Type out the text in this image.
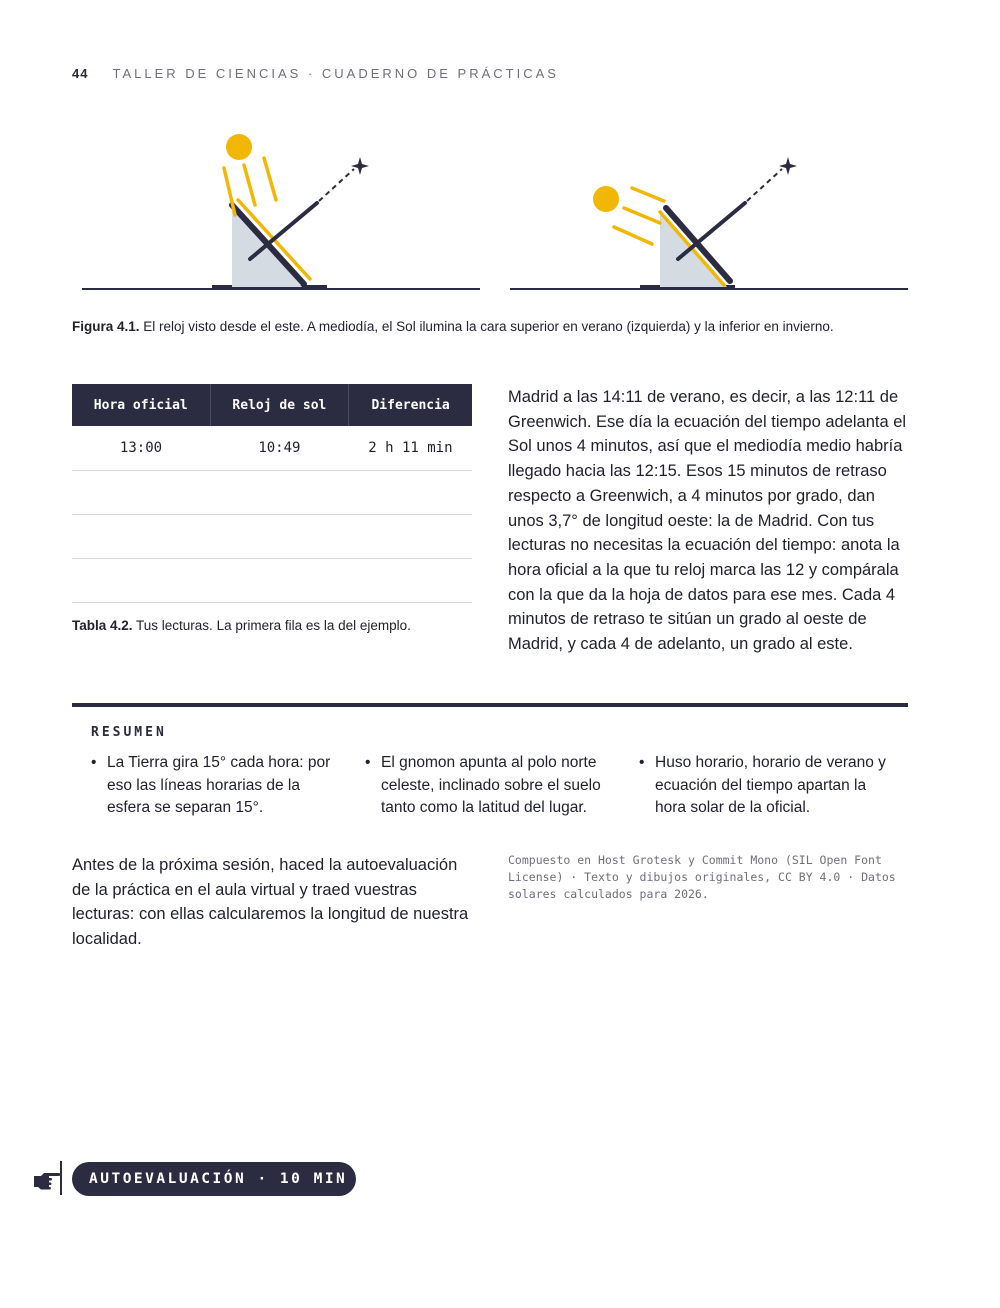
44 TALLER DE CIENCIAS · CUADERNO DE PRÁCTICAS
Figura 4.1. El reloj visto desde el este. A mediodía, el Sol ilumina la cara superior en verano (izquierda) y la inferior en invierno.
Hora oficial	Reloj de sol	Diferencia
13:00	10:49	2 h 11 min

Tabla 4.2. Tus lecturas. La primera fila es la del ejemplo.

Madrid a las 14:11 de verano, es decir, a las 12:11 de Greenwich. Ese día la ecuación del tiempo adelanta el Sol unos 4 minutos, así que el mediodía medio habría llegado hacia las 12:15. Esos 15 minutos de retraso respecto a Greenwich, a 4 minutos por grado, dan unos 3,7° de longitud oeste: la de Madrid. Con tus lecturas no necesitas la ecuación del tiempo: anota la hora oficial a la que tu reloj marca las 12 y compárala con la que da la hoja de datos para ese mes. Cada 4 minutos de retraso te sitúan un grado al oeste de Madrid, y cada 4 de adelanto, un grado al este.

RESUMEN
• La Tierra gira 15° cada hora: por eso las líneas horarias de la esfera se separan 15°.
• El gnomon apunta al polo norte celeste, inclinado sobre el suelo tanto como la latitud del lugar.
• Huso horario, horario de verano y ecuación del tiempo apartan la hora solar de la oficial.

Antes de la próxima sesión, haced la autoevaluación de la práctica en el aula virtual y traed vuestras lecturas: con ellas calcularemos la longitud de nuestra localidad.

Compuesto en Host Grotesk y Commit Mono (SIL Open Font License) · Texto y dibujos originales, CC BY 4.0 · Datos solares calculados para 2026.

AUTOEVALUACIÓN · 10 MIN
